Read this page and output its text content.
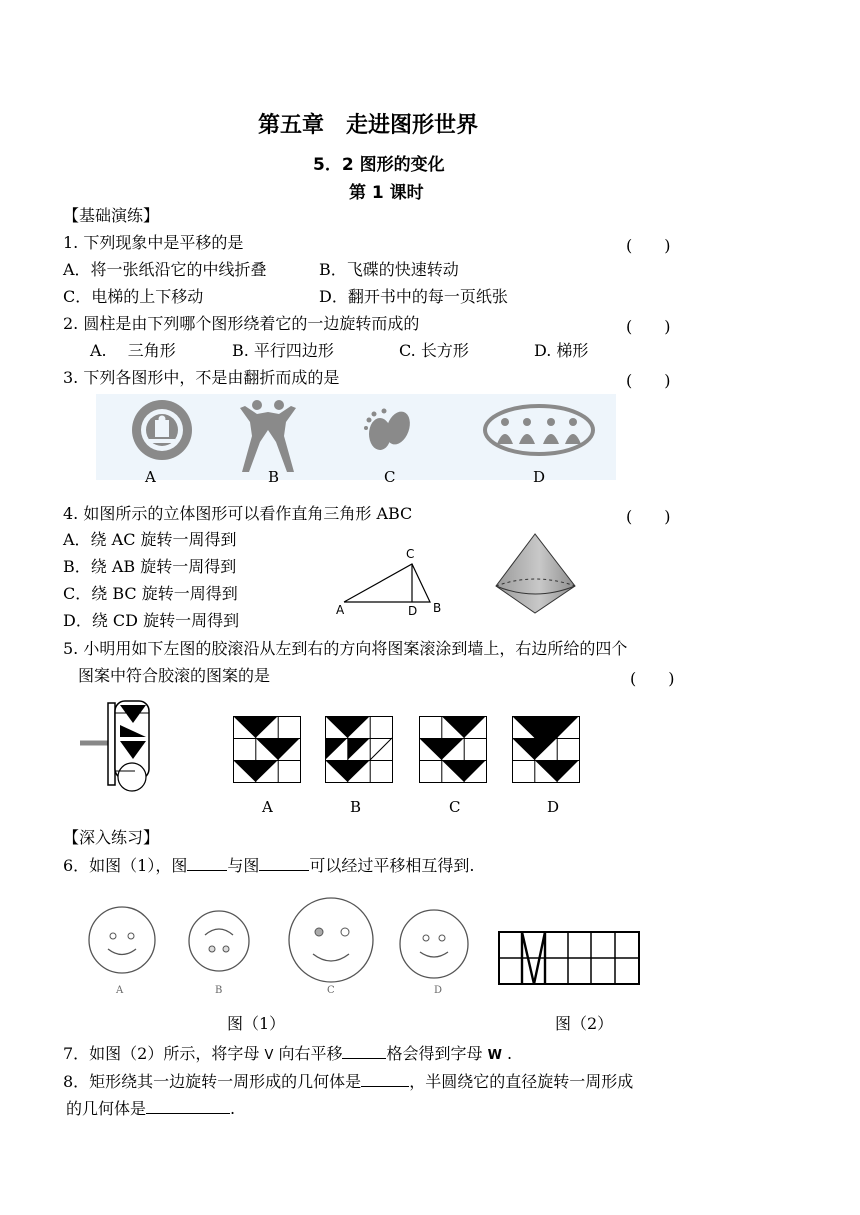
第五章　走进图形世界
5．2 图形的变化
第 1 课时
【基础演练】
1. 下列现象中是平移的是	(　　)
A．将一张纸沿它的中线折叠	B．飞碟的快速转动
C．电梯的上下移动	D．翻开书中的每一页纸张
2. 圆柱是由下列哪个图形绕着它的一边旋转而成的	(　　)
A.　 三角形	B. 平行四边形	C. 长方形	D. 梯形
3. 下列各图形中，不是由翻折而成的是	(　　)
A	B	C	D
4. 如图所示的立体图形可以看作直角三角形 ABC	(　　)
A．绕 AC 旋转一周得到
B．绕 AB 旋转一周得到
C．绕 BC 旋转一周得到
D．绕 CD 旋转一周得到
C
A	D B
5. 小明用如下左图的胶滚沿从左到右的方向将图案滚涂到墙上，右边所给的四个
图案中符合胶滚的图案的是	(　　)
A	B	C	D
【深入练习】
6．如图（1），图	与图	可以经过平移相互得到.
A	B	C	D
图（1）	图（2）
7．如图（2）所示，将字母 V 向右平移	格会得到字母 W .
8．矩形绕其一边旋转一周形成的几何体是	，半圆绕它的直径旋转一周形成
的几何体是	.
